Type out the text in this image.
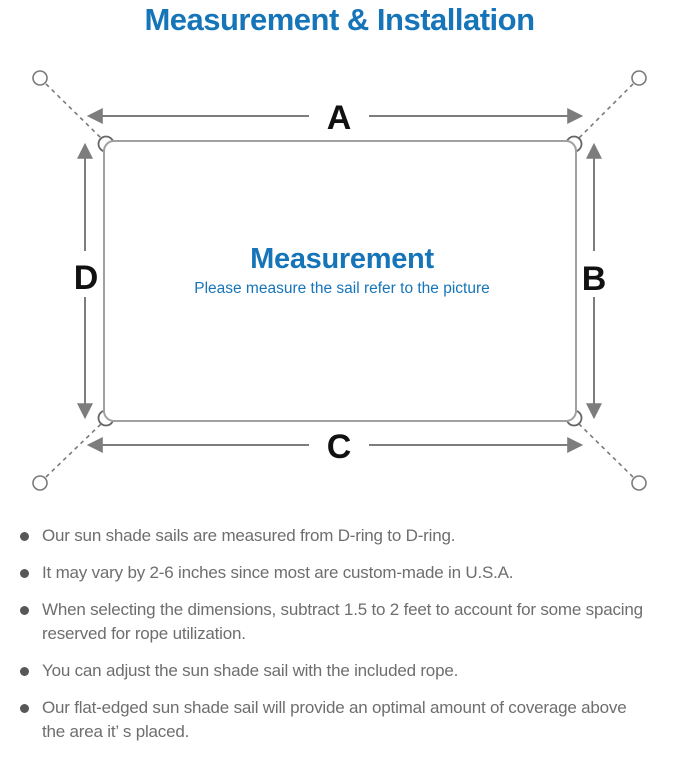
Measurement & Installation
A
B
C
D	Measurement
Please measure the sail refer to the picture
Our sun shade sails are measured from D-ring to D-ring.
It may vary by 2-6 inches since most are custom-made in U.S.A.
When selecting the dimensions, subtract 1.5 to 2 feet to account for some spacing
reserved for rope utilization.
You can adjust the sun shade sail with the included rope.
Our flat-edged sun shade sail will provide an optimal amount of coverage above
the area it’ s placed.
